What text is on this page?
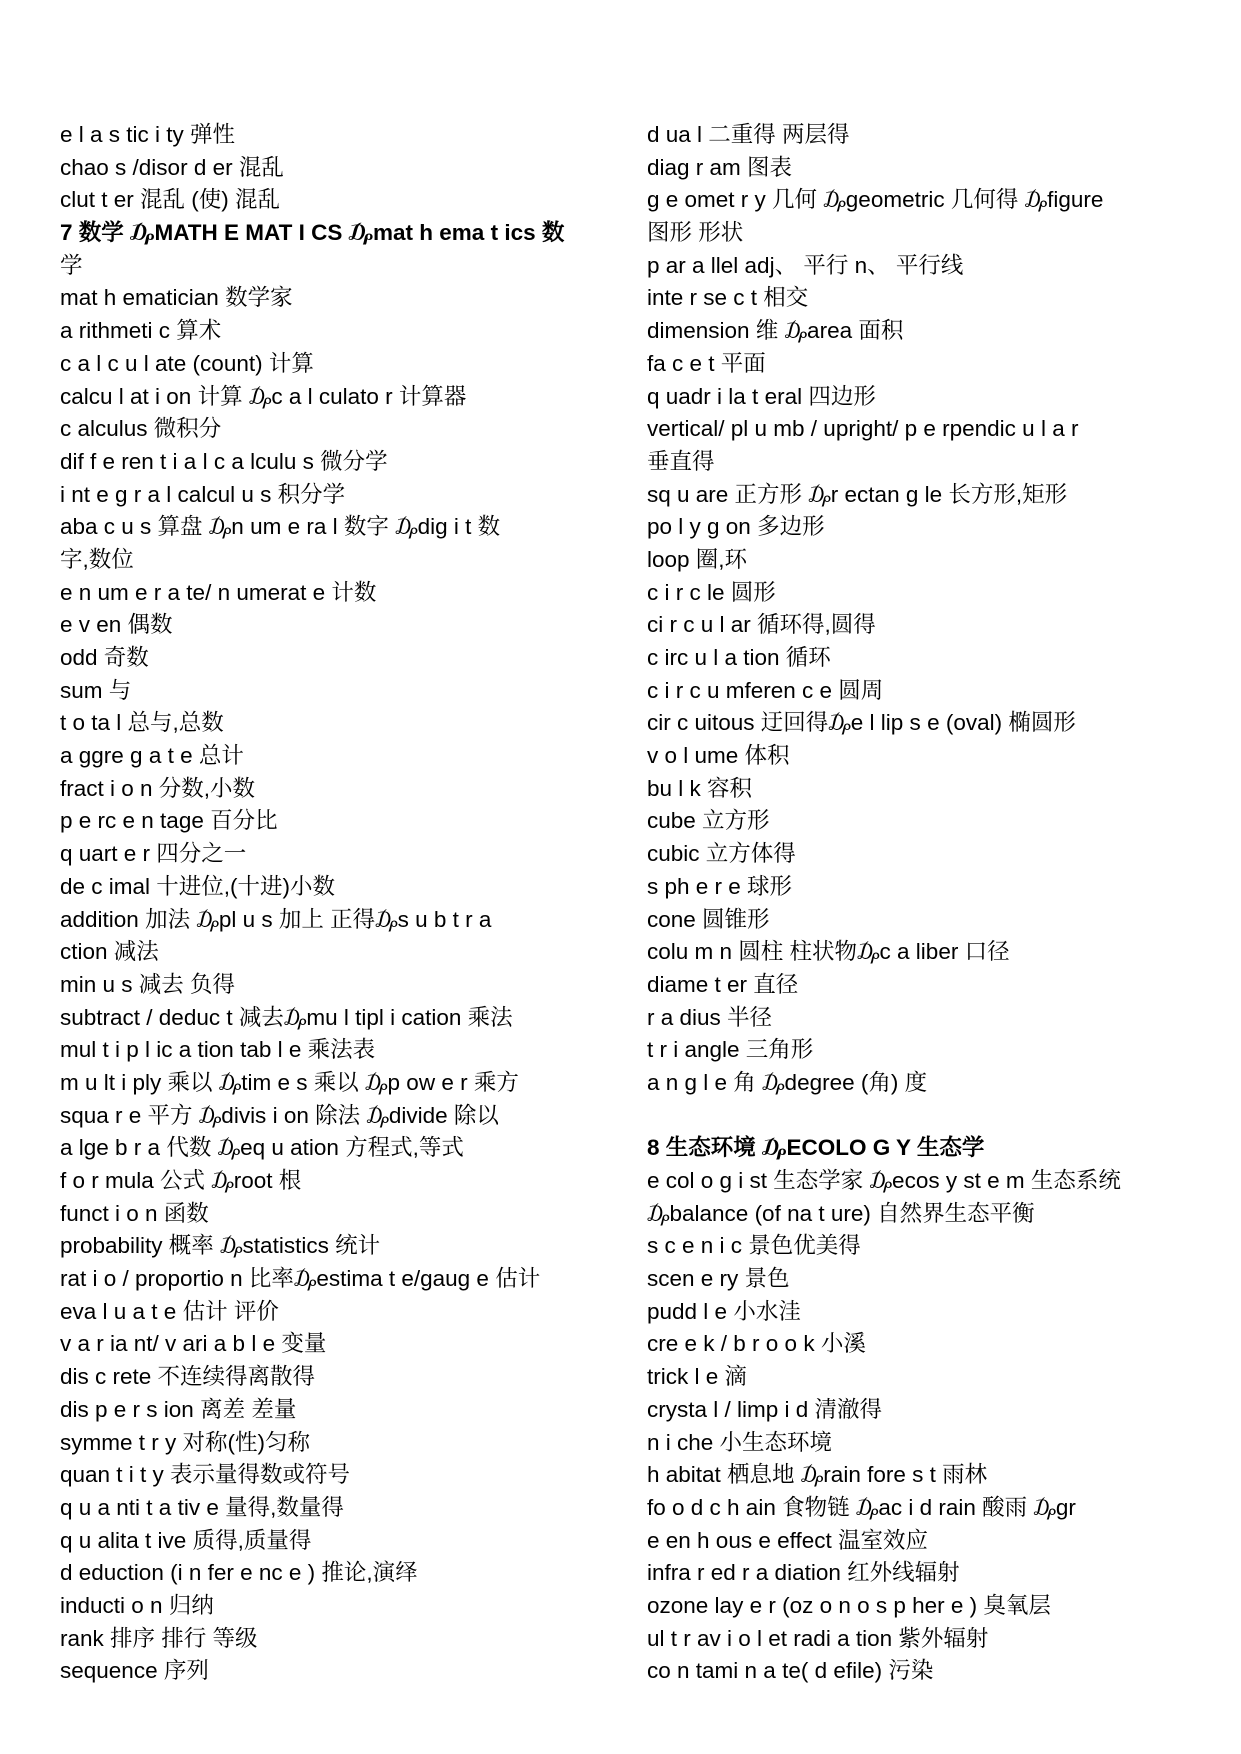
e l a s tic i ty 弹性
chao s /disor d er 混乱
clut t er 混乱 (使) 混乱
7 数学 ₯MATH E MAT I CS ₯mat h ema t ics 数
学
mat h ematician 数学家
a rithmeti c 算术
c a l c u l ate (count) 计算
calcu l at i on 计算 ₯c a l culato r 计算器
c alculus 微积分
dif f e ren t i a l c a lculu s 微分学
i nt e g r a l calcul u s 积分学
aba c u s 算盘 ₯n um e ra l 数字 ₯dig i t 数
字,数位
e n um e r a te/ n umerat e 计数
e v en 偶数
odd 奇数
sum 与
t o ta l 总与,总数
a ggre g a t e 总计
fract i o n 分数,小数
p e rc e n tage 百分比
q uart e r 四分之一
de c imal 十进位,(十进)小数
addition 加法 ₯pl u s 加上 正得₯s u b t r a
ction 减法
min u s 减去 负得
subtract / deduc t 减去₯mu l tipl i cation 乘法
mul t i p l ic a tion tab l e 乘法表
m u lt i ply 乘以 ₯tim e s 乘以 ₯p ow e r 乘方
squa r e 平方 ₯divis i on 除法 ₯divide 除以
a lge b r a 代数 ₯eq u ation 方程式,等式
f o r mula 公式 ₯root 根
funct i o n 函数
probability 概率 ₯statistics 统计
rat i o / proportio n 比率₯estima t e/gaug e 估计
eva l u a t e 估计 评价
v a r ia nt/ v ari a b l e 变量
dis c rete 不连续得离散得
dis p e r s ion 离差 差量
symme t r y 对称(性)匀称
quan t i t y 表示量得数或符号
q u a nti t a tiv e 量得,数量得
q u alita t ive 质得,质量得
d eduction (i n fer e nc e ) 推论,演绎
inducti o n 归纳
rank 排序 排行 等级
sequence 序列
d ua l 二重得 两层得
diag r am 图表
g e omet r y 几何 ₯geometric 几何得 ₯figure
图形 形状
p ar a llel adj、 平行 n、 平行线
inte r se c t 相交
dimension 维 ₯area 面积
fa c e t 平面
q uadr i la t eral 四边形
vertical/ pl u mb / upright/ p e rpendic u l a r
垂直得
sq u are 正方形 ₯r ectan g le 长方形,矩形
po l y g on 多边形
loop 圈,环
c i r c le 圆形
ci r c u l ar 循环得,圆得
c irc u l a tion 循环
c i r c u mferen c e 圆周
cir c uitous 迂回得₯e l lip s e (oval) 椭圆形
v o l ume 体积
bu l k 容积
cube 立方形
cubic 立方体得
s ph e r e 球形
cone 圆锥形
colu m n 圆柱 柱状物₯c a liber 口径
diame t er 直径
r a dius 半径
t r i angle 三角形
a n g l e 角 ₯degree (角) 度
8 生态环境 ₯ECOLO G Y 生态学
e col o g i st 生态学家 ₯ecos y st e m 生态系统
₯balance (of na t ure) 自然界生态平衡
s c e n i c 景色优美得
scen e ry 景色
pudd l e 小水洼
cre e k / b r o o k 小溪
trick l e 滴
crysta l / limp i d 清澈得
n i che 小生态环境
h abitat 栖息地 ₯rain fore s t 雨林
fo o d c h ain 食物链 ₯ac i d rain 酸雨 ₯gr
e en h ous e effect 温室效应
infra r ed r a diation 红外线辐射
ozone lay e r (oz o n o s p her e ) 臭氧层
ul t r av i o l et radi a tion 紫外辐射
co n tami n a te( d efile) 污染
